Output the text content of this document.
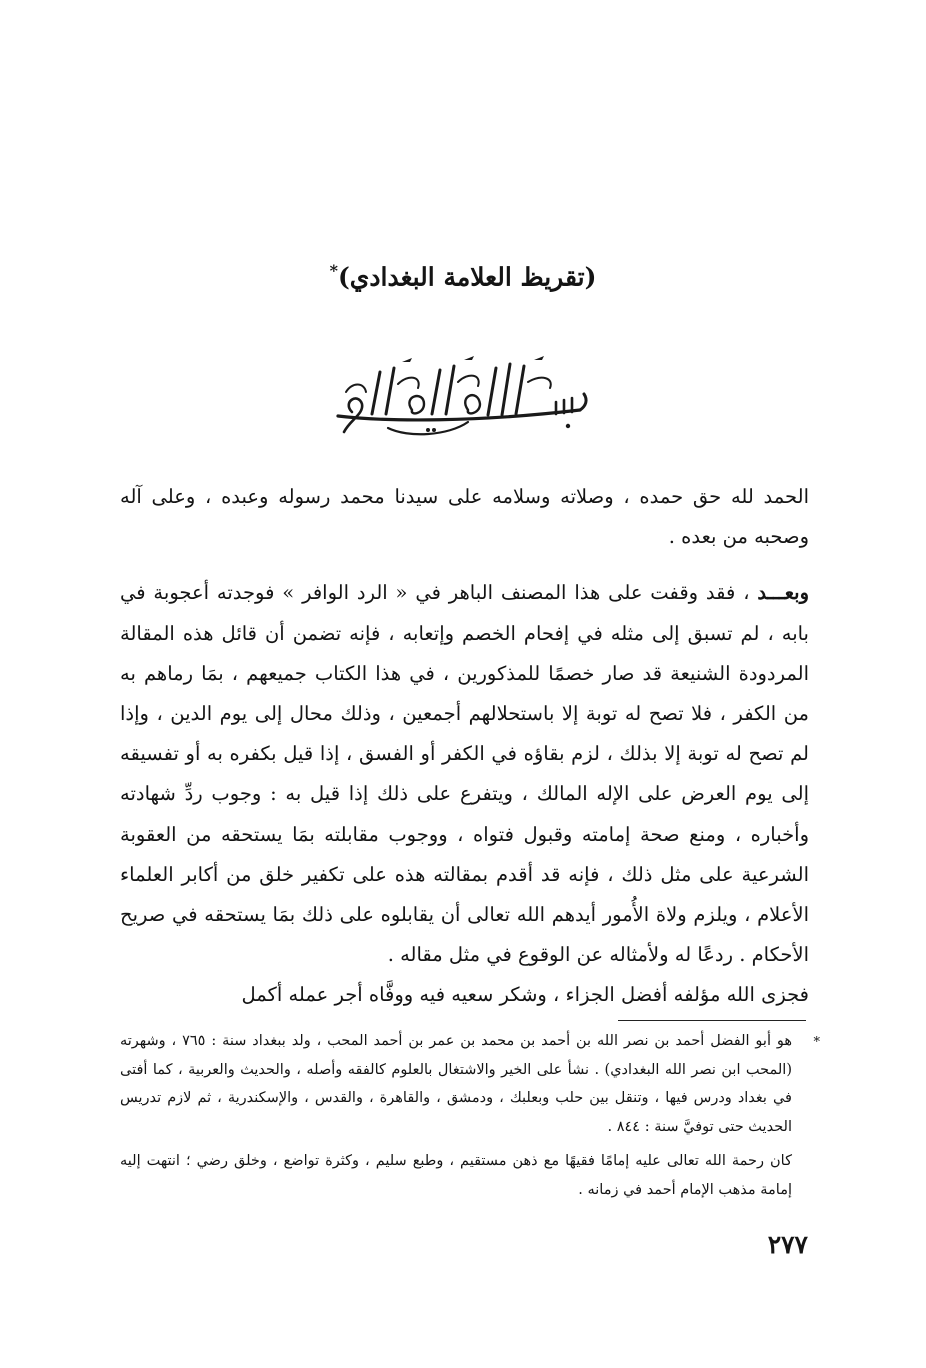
(تقريظ العلامة البغدادي)*

الحمد لله حق حمده ، وصلاته وسلامه على سيدنا محمد رسوله وعبده ، وعلى آله وصحبه من بعده .

وبعـــد ، فقد وقفت على هذا المصنف الباهر في « الرد الوافر » فوجدته أعجوبة في بابه ، لم تسبق إلى مثله في إفحام الخصم وإتعابه ، فإنه تضمن أن قائل هذه المقالة المردودة الشنيعة قد صار خصمًا للمذكورين ، في هذا الكتاب جميعهم ، بمَا رماهم به من الكفر ، فلا تصح له توبة إلا باستحلالهم أجمعين ، وذلك محال إلى يوم الدين ، وإذا لم تصح له توبة إلا بذلك ، لزم بقاؤه في الكفر أو الفسق ، إذا قيل بكفره به أو تفسيقه إلى يوم العرض على الإله المالك ، ويتفرع على ذلك إذا قيل به : وجوب ردِّ شهادته وأخباره ، ومنع صحة إمامته وقبول فتواه ، ووجوب مقابلته بمَا يستحقه من العقوبة الشرعية على مثل ذلك ، فإنه قد أقدم بمقالته هذه على تكفير خلق من أكابر العلماء الأعلام ، ويلزم ولاة الأُمور أيدهم الله تعالى أن يقابلوه على ذلك بمَا يستحقه في صريح الأحكام . ردعًا له ولأمثاله عن الوقوع في مثل مقاله .

فجزى الله مؤلفه أفضل الجزاء ، وشكر سعيه فيه ووفَّاه أجر عمله أكمل

*

هو أبو الفضل أحمد بن نصر الله بن أحمد بن محمد بن عمر بن أحمد المحب ، ولد ببغداد سنة : ٧٦٥ ، وشهرته (المحب ابن نصر الله البغدادي) . نشأ على الخير والاشتغال بالعلوم كالفقه وأصله ، والحديث والعربية ، كما أفتى في بغداد ودرس فيها ، وتنقل بين حلب وبعلبك ، ودمشق ، والقاهرة ، والقدس ، والإسكندرية ، ثم لازم تدريس الحديث حتى توفيَّ سنة : ٨٤٤ .

كان رحمة الله تعالى عليه إمامًا فقيهًا مع ذهن مستقيم ، وطبع سليم ، وكثرة تواضع ، وخلق رضي ؛ انتهت إليه إمامة مذهب الإمام أحمد في زمانه .

٢٧٧
